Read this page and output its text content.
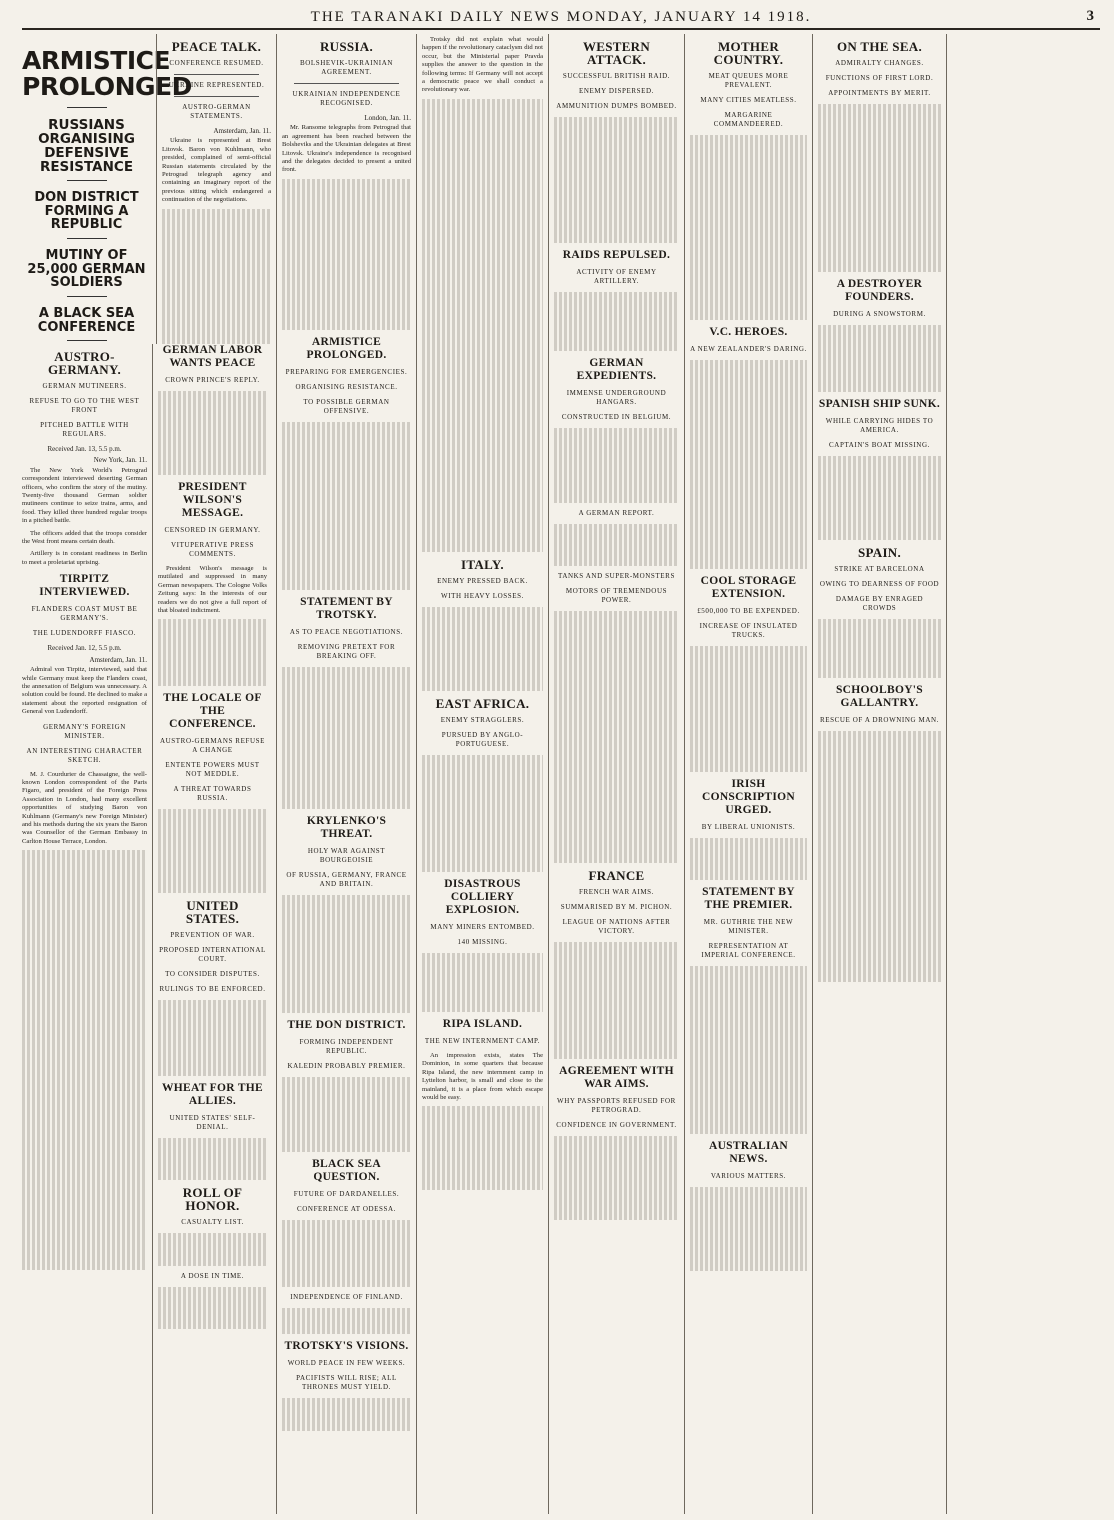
THE TARANAKI DAILY NEWS MONDAY, JANUARY 14 1918.	3
ARMISTICE PROLONGED
RUSSIANS ORGANISING DEFENSIVE RESISTANCE
DON DISTRICT FORMING A REPUBLIC
MUTINY OF 25,000 GERMAN SOLDIERS
A BLACK SEA CONFERENCE
PEACE TALK.
CONFERENCE RESUMED.
UKRAINE REPRESENTED.
AUSTRO-GERMAN STATEMENTS.
Amsterdam, Jan. 11.

Ukraine is represented at Brest Litovsk. Baron von Kuhlmann, who presided, complained of semi-official Russian statements circulated by the Petrograd telegraph agency and containing an imaginary report of the previous sitting which endangered a continuation of the negotiations.

RUSSIA.
BOLSHEVIK-UKRAINIAN AGREEMENT.
UKRAINIAN INDEPENDENCE RECOGNISED.
London, Jan. 11.

Mr. Ransome telegraphs from Petrograd that an agreement has been reached between the Bolsheviks and the Ukrainian delegates at Brest Litovsk. Ukraine's independence is recognised and the delegates decided to present a united front.

ARMISTICE PROLONGED.
PREPARING FOR EMERGENCIES.
ORGANISING RESISTANCE.
TO POSSIBLE GERMAN OFFENSIVE.
STATEMENT BY TROTSKY.
AS TO PEACE NEGOTIATIONS.
REMOVING PRETEXT FOR BREAKING OFF.
KRYLENKO'S THREAT.
HOLY WAR AGAINST BOURGEOISIE
OF RUSSIA, GERMANY, FRANCE AND BRITAIN.
THE DON DISTRICT.
FORMING INDEPENDENT REPUBLIC.
KALEDIN PROBABLY PREMIER.
BLACK SEA QUESTION.
FUTURE OF DARDANELLES.
CONFERENCE AT ODESSA.
INDEPENDENCE OF FINLAND.
TROTSKY'S VISIONS.
WORLD PEACE IN FEW WEEKS.
PACIFISTS WILL RISE; ALL THRONES MUST YIELD.

Trotsky did not explain what would happen if the revolutionary cataclysm did not occur, but the Ministerial paper Pravda supplies the answer to the question in the following terms: If Germany will not accept a democratic peace we shall conduct a revolutionary war.

ITALY.
ENEMY PRESSED BACK.
WITH HEAVY LOSSES.
EAST AFRICA.
ENEMY STRAGGLERS.
PURSUED BY ANGLO-PORTUGUESE.
DISASTROUS COLLIERY EXPLOSION.
MANY MINERS ENTOMBED.
140 MISSING.
RIPA ISLAND.
THE NEW INTERNMENT CAMP.

An impression exists, states The Dominion, in some quarters that because Ripa Island, the new internment camp in Lyttelton harbor, is small and close to the mainland, it is a place from which escape would be easy.

WESTERN ATTACK.
SUCCESSFUL BRITISH RAID.
ENEMY DISPERSED.
AMMUNITION DUMPS BOMBED.
RAIDS REPULSED.
ACTIVITY OF ENEMY ARTILLERY.
GERMAN EXPEDIENTS.
IMMENSE UNDERGROUND HANGARS.
CONSTRUCTED IN BELGIUM.
A GERMAN REPORT.
TANKS AND SUPER-MONSTERS
MOTORS OF TREMENDOUS POWER.
FRANCE
FRENCH WAR AIMS.
SUMMARISED BY M. PICHON.
LEAGUE OF NATIONS AFTER VICTORY.
AGREEMENT WITH WAR AIMS.
WHY PASSPORTS REFUSED FOR PETROGRAD.
CONFIDENCE IN GOVERNMENT.
MOTHER COUNTRY.
MEAT QUEUES MORE PREVALENT.
MANY CITIES MEATLESS.
MARGARINE COMMANDEERED.
V.C. HEROES.
A NEW ZEALANDER'S DARING.
COOL STORAGE EXTENSION.
£500,000 TO BE EXPENDED.
INCREASE OF INSULATED TRUCKS.
IRISH CONSCRIPTION URGED.
BY LIBERAL UNIONISTS.
STATEMENT BY THE PREMIER.
MR. GUTHRIE THE NEW MINISTER.
REPRESENTATION AT IMPERIAL CONFERENCE.
AUSTRALIAN NEWS.
VARIOUS MATTERS.
ON THE SEA.
ADMIRALTY CHANGES.
FUNCTIONS OF FIRST LORD.
APPOINTMENTS BY MERIT.
A DESTROYER FOUNDERS.
DURING A SNOWSTORM.
SPANISH SHIP SUNK.
WHILE CARRYING HIDES TO AMERICA.
CAPTAIN'S BOAT MISSING.
SPAIN.
STRIKE AT BARCELONA
OWING TO DEARNESS OF FOOD
DAMAGE BY ENRAGED CROWDS
SCHOOLBOY'S GALLANTRY.
RESCUE OF A DROWNING MAN.
AUSTRO-GERMANY.
GERMAN MUTINEERS.
REFUSE TO GO TO THE WEST FRONT
PITCHED BATTLE WITH REGULARS.
Received Jan. 13, 5.5 p.m.
New York, Jan. 11.

The New York World's Petrograd correspondent interviewed deserting German officers, who confirm the story of the mutiny. Twenty-five thousand German soldier mutineers continue to seize trains, arms, and food. They killed three hundred regular troops in a pitched battle.

The officers added that the troops consider the West front means certain death.

Artillery is in constant readiness in Berlin to meet a proletariat uprising.

TIRPITZ INTERVIEWED.
FLANDERS COAST MUST BE GERMANY'S.
THE LUDENDORFF FIASCO.
Received Jan. 12, 5.5 p.m.
Amsterdam, Jan. 11.

Admiral von Tirpitz, interviewed, said that while Germany must keep the Flanders coast, the annexation of Belgium was unnecessary. A solution could be found. He declined to make a statement about the reported resignation of General von Ludendorff.

GERMANY'S FOREIGN MINISTER.
AN INTERESTING CHARACTER SKETCH.

M. J. Courdurier de Chassaigne, the well-known London correspondent of the Paris Figaro, and president of the Foreign Press Association in London, had many excellent opportunities of studying Baron von Kuhlmann (Germany's new Foreign Minister) and his methods during the six years the Baron was Counsellor of the German Embassy in Carlton House Terrace, London.

GERMAN LABOR WANTS PEACE
CROWN PRINCE'S REPLY.
PRESIDENT WILSON'S MESSAGE.
CENSORED IN GERMANY.
VITUPERATIVE PRESS COMMENTS.

President Wilson's message is mutilated and suppressed in many German newspapers. The Cologne Volks Zeitung says: In the interests of our readers we do not give a full report of that bloated indictment.

THE LOCALE OF THE CONFERENCE.
AUSTRO-GERMANS REFUSE A CHANGE
ENTENTE POWERS MUST NOT MEDDLE.
A THREAT TOWARDS RUSSIA.
UNITED STATES.
PREVENTION OF WAR.
PROPOSED INTERNATIONAL COURT.
TO CONSIDER DISPUTES.
RULINGS TO BE ENFORCED.
WHEAT FOR THE ALLIES.
UNITED STATES' SELF-DENIAL.
ROLL OF HONOR.
CASUALTY LIST.
A DOSE IN TIME.
